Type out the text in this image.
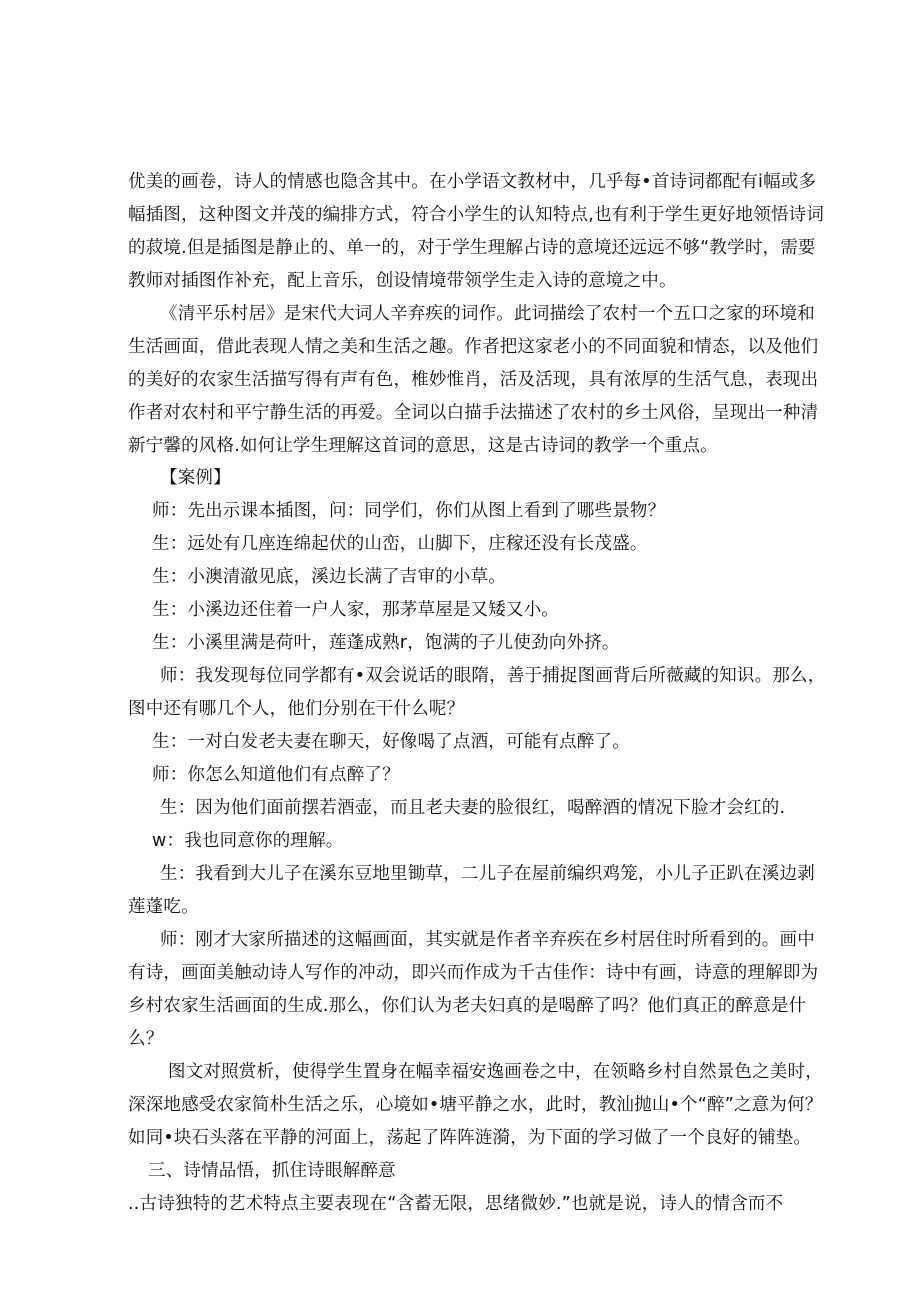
优美的画卷，诗人的情感也隐含其中。在小学语文教材中，几乎每•首诗词都配有i幅或多
幅插图，这种图文并茂的编排方式，符合小学生的认知特点,也有利于学生更好地领悟诗词
的菽境.但是插图是静止的、单一的，对于学生理解占诗的意境还远远不够“教学时，需要
教师对插图作补充，配上音乐，创设情境带领学生走入诗的意境之中。
《清平乐村居》是宋代大词人辛弃疾的词作。此词描绘了农村一个五口之家的环境和
生活画面，借此表现人情之美和生活之趣。作者把这家老小的不同面貌和情态，以及他们
的美好的农家生活描写得有声有色，椎妙惟肖，活及活现，具有浓厚的生活气息，表现出
作者对农村和平宁静生活的再爱。全词以白描手法描述了农村的乡土风俗，呈现出一种清
新宁馨的风格.如何让学生理解这首词的意思，这是古诗词的教学一个重点。
【案例】
师：先出示课本插图，问：同学们，你们从图上看到了哪些景物？
生：远处有几座连绵起伏的山峦，山脚下，庄稼还没有长茂盛。
生：小澳清澈见底，溪边长满了吉审的小草。
生：小溪边还住着一户人家，那茅草屋是又矮又小。
生：小溪里满是荷叶，莲蓬成熟r，饱满的子儿使劲向外挤。
师：我发现每位同学都有•双会说话的眼隋，善于捕捉图画背后所薇藏的知识。那么，
图中还有哪几个人，他们分别在干什么呢？
生：一对白发老夫妻在聊天，好像喝了点酒，可能有点醉了。
师：你怎么知道他们有点醉了？
生：因为他们面前摆若酒壶，而且老夫妻的脸很红，喝醉酒的情况下脸才会红的.
w：我也同意你的理解。
生：我看到大儿子在溪东豆地里锄草，二儿子在屋前编织鸡笼，小儿子正趴在溪边剥
莲蓬吃。
师：刚才大家所描述的这幅画面，其实就是作者辛弃疾在乡村居住时所看到的。画中
有诗，画面美触动诗人写作的冲动，即兴而作成为千古佳作：诗中有画，诗意的理解即为
乡村农家生活画面的生成.那么，你们认为老夫妇真的是喝醉了吗？他们真正的醉意是什
么？
图文对照赏析，使得学生置身在幅幸福安逸画卷之中，在领略乡村自然景色之美时，
深深地感受农家简朴生活之乐，心境如•塘平静之水，此时，教汕抛山•个“醉”之意为何？
如同•块石头落在平静的河面上，荡起了阵阵涟漪，为下面的学习做了一个良好的铺垫。
三、诗情品悟，抓住诗眼解醉意
..古诗独特的艺术特点主要表现在“含蓄无限，思绪微妙.”也就是说，诗人的情含而不
